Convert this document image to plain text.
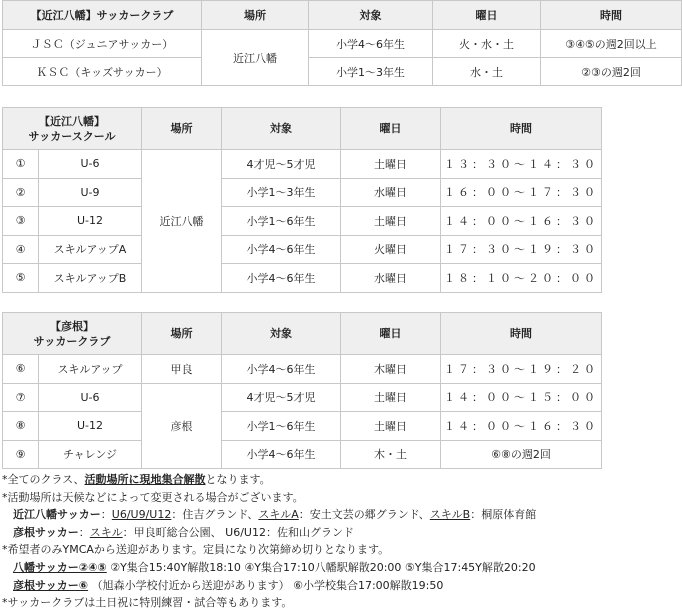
【近江八幡】サッカークラブ	場所	対象	曜日	時間
ＪＳＣ（ジュニアサッカー）	近江八幡	小学4〜6年生	火・水・土	③④⑤の週2回以上
ＫＳＣ（キッズサッカー）		小学1〜3年生	水・土	②③の週2回
【近江八幡】
サッカースクール		場所	対象	曜日	時間
①	U-6	近江八幡	4才児〜5才児	土曜日	１３：３０〜１４：３０
②	U-9		小学1〜3年生	水曜日	１６：００〜１７：３０
③	U-12		小学1〜6年生	土曜日	１４：００〜１６：３０
④	スキルアップA		小学4〜6年生	火曜日	１７：３０〜１９：３０
⑤	スキルアップB		小学4〜6年生	水曜日	１８：１０〜２０：００
【彦根】
サッカークラブ		場所	対象	曜日	時間
⑥	スキルアップ	甲良	小学4〜6年生	木曜日	１７：３０〜１９：２０
⑦	U-6	彦根	4才児〜5才児	土曜日	１４：００〜１５：００
⑧	U-12		小学1〜6年生	土曜日	１４：００〜１６：３０
⑨	チャレンジ		小学4〜6年生	木・土	⑥⑧の週2回
*全てのクラス、活動場所に現地集合解散となります。
*活動場所は天候などによって変更される場合がございます。
近江八幡サッカー：U6/U9/U12：住吉グランド、スキルA：安土文芸の郷グランド、スキルB：桐原体育館
彦根サッカー：スキル：甲良町総合公園、 U6/U12：佐和山グランド
*希望者のみYMCAから送迎があります。定員になり次第締め切りとなります。
八幡サッカー②④⑤ ②Y集合15:40Y解散18:10 ④Y集合17:10八幡駅解散20:00 ⑤Y集合17:45Y解散20:20
彦根サッカー⑥ （旭森小学校付近から送迎があります） ⑥小学校集合17:00解散19:50
*サッカークラブは土日祝に特別練習・試合等もあります。
